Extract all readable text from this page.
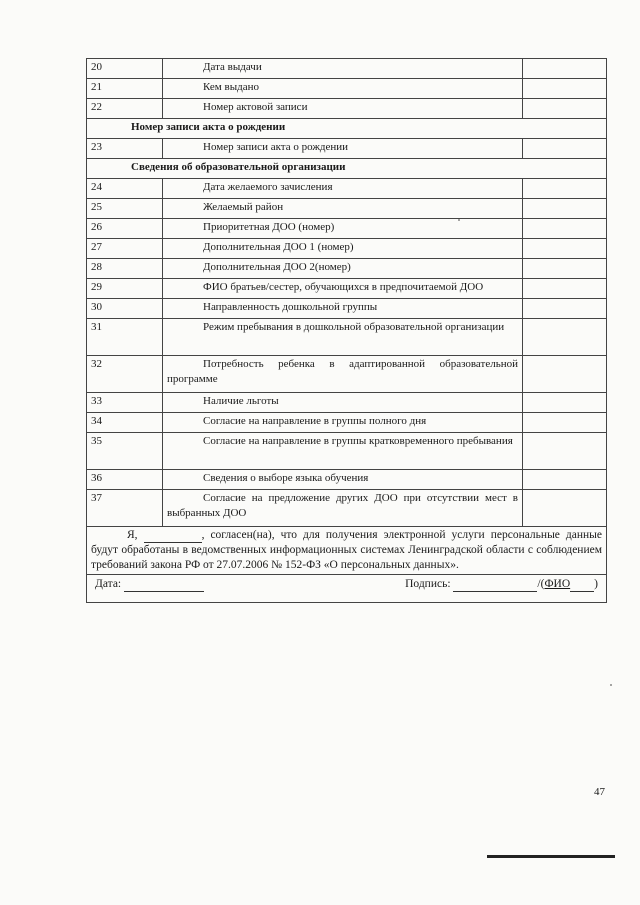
20	Дата выдачи	
21	Кем выдано	
22	Номер актовой записи	
Номер записи акта о рождении		
23	Номер записи акта о рождении	
Сведения об образовательной организации		
24	Дата желаемого зачисления	
25	Желаемый район	
26	Приоритетная ДОО (номер)	
27	Дополнительная ДОО 1 (номер)	
28	Дополнительная ДОО 2(номер)	
29	ФИО братьев/сестер, обучающихся в предпочитаемой ДОО	
30	Направленность дошкольной группы	
31	Режим пребывания в дошкольной образовательной организации	
32	Потребность ребенка в адаптированной образовательной программе	
33	Наличие льготы	
34	Согласие на направление в группы полного дня	
35	Согласие на направление в группы кратковременного пребывания	
36	Сведения о выборе языка обучения	
37	Согласие на предложение других ДОО при отсутствии мест в выбранных ДОО	

Я, , согласен(на), что для получения электронной услуги персональные данные будут обработаны в ведомственных информационных системах Ленинградской области с соблюдением требований закона РФ от 27.07.2006 № 152-ФЗ «О персональных данных».		

Дата: Подпись: /(ФИО )		
47
